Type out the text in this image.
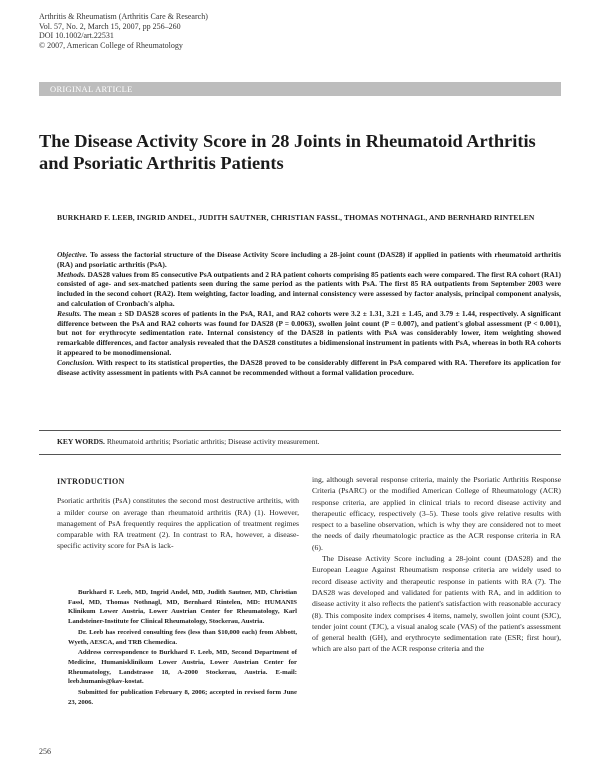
Arthritis & Rheumatism (Arthritis Care & Research)
Vol. 57, No. 2, March 15, 2007, pp 256–260
DOI 10.1002/art.22531
© 2007, American College of Rheumatology
ORIGINAL ARTICLE
The Disease Activity Score in 28 Joints in Rheumatoid Arthritis and Psoriatic Arthritis Patients
BURKHARD F. LEEB, INGRID ANDEL, JUDITH SAUTNER, CHRISTIAN FASSL, THOMAS NOTHNAGL, AND BERNHARD RINTELEN

Objective. To assess the factorial structure of the Disease Activity Score including a 28-joint count (DAS28) if applied in patients with rheumatoid arthritis (RA) and psoriatic arthritis (PsA).

Methods. DAS28 values from 85 consecutive PsA outpatients and 2 RA patient cohorts comprising 85 patients each were compared. The first RA cohort (RA1) consisted of age- and sex-matched patients seen during the same period as the patients with PsA. The first 85 RA outpatients from September 2003 were included in the second cohort (RA2). Item weighting, factor loading, and internal consistency were assessed by factor analysis, principal component analysis, and calculation of Cronbach's alpha.

Results. The mean ± SD DAS28 scores of patients in the PsA, RA1, and RA2 cohorts were 3.2 ± 1.31, 3.21 ± 1.45, and 3.79 ± 1.44, respectively. A significant difference between the PsA and RA2 cohorts was found for DAS28 (P = 0.0063), swollen joint count (P = 0.007), and patient's global assessment (P < 0.001), but not for erythrocyte sedimentation rate. Internal consistency of the DAS28 in patients with PsA was considerably lower, item weighting showed remarkable differences, and factor analysis revealed that the DAS28 constitutes a bidimensional instrument in patients with PsA, whereas in both RA cohorts it appeared to be monodimensional.

Conclusion. With respect to its statistical properties, the DAS28 proved to be considerably different in PsA compared with RA. Therefore its application for disease activity assessment in patients with PsA cannot be recommended without a formal validation procedure.

KEY WORDS. Rheumatoid arthritis; Psoriatic arthritis; Disease activity measurement.
INTRODUCTION

Psoriatic arthritis (PsA) constitutes the second most destructive arthritis, with a milder course on average than rheumatoid arthritis (RA) (1). However, management of PsA frequently requires the application of treatment regimes comparable with RA treatment (2). In contrast to RA, however, a disease-specific activity score for PsA is lack-

Burkhard F. Leeb, MD, Ingrid Andel, MD, Judith Sautner, MD, Christian Fassl, MD, Thomas Nothnagl, MD, Bernhard Rintelen, MD: HUMANIS Klinikum Lower Austria, Lower Austrian Center for Rheumatology, Karl Landsteiner-Institute for Clinical Rheumatology, Stockerau, Austria.

Dr. Leeb has received consulting fees (less than $10,000 each) from Abbott, Wyeth, AESCA, and TRB Chemedica.

Address correspondence to Burkhard F. Leeb, MD, Second Department of Medicine, Humanisklinikum Lower Austria, Lower Austrian Center for Rheumatology, Landstrasse 18, A-2000 Stockerau, Austria. E-mail: leeb.humanis@kav-kostat.

Submitted for publication February 8, 2006; accepted in revised form June 23, 2006.

ing, although several response criteria, mainly the Psoriatic Arthritis Response Criteria (PsARC) or the modified American College of Rheumatology (ACR) response criteria, are applied in clinical trials to record disease activity and therapeutic efficacy, respectively (3–5). These tools give relative results with respect to a baseline observation, which is why they are considered not to meet the needs of daily rheumatologic practice as the ACR response criteria in RA (6).

The Disease Activity Score including a 28-joint count (DAS28) and the European League Against Rheumatism response criteria are widely used to record disease activity and therapeutic response in patients with RA (7). The DAS28 was developed and validated for patients with RA, and in addition to disease activity it also reflects the patient's satisfaction with reasonable accuracy (8). This composite index comprises 4 items, namely, swollen joint count (SJC), tender joint count (TJC), a visual analog scale (VAS) of the patient's assessment of general health (GH), and erythrocyte sedimentation rate (ESR; first hour), which are also part of the ACR response criteria and the

256
